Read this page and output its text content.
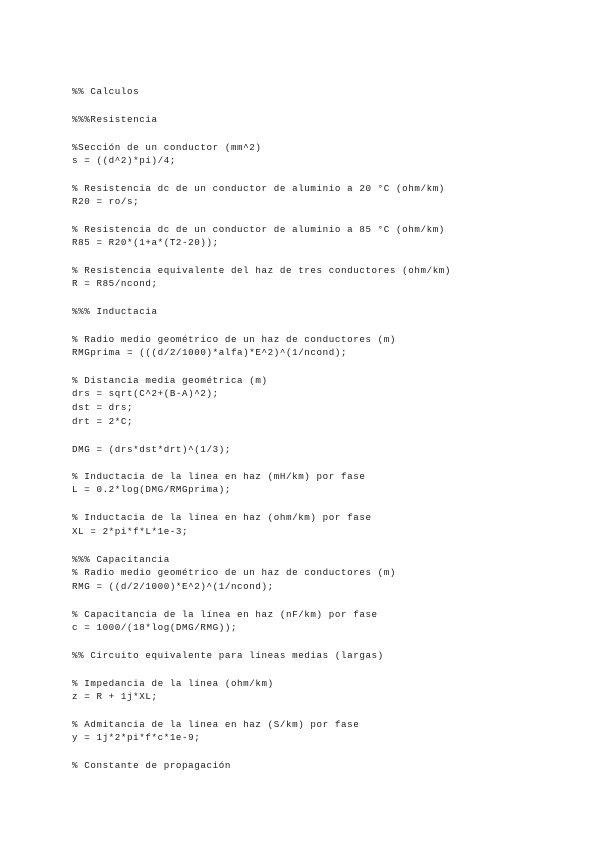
%% Calculos
%%%Resistencia
%Sección de un conductor (mm^2)
s = ((d^2)*pi)/4;
% Resistencia dc de un conductor de aluminio a 20 °C (ohm/km)
R20 = ro/s;
% Resistencia dc de un conductor de aluminio a 85 °C (ohm/km)
R85 = R20*(1+a*(T2-20));
% Resistencia equivalente del haz de tres conductores (ohm/km)
R = R85/ncond;
%%% Inductacia
% Radio medio geométrico de un haz de conductores (m)
RMGprima = (((d/2/1000)*alfa)*E^2)^(1/ncond);
% Distancia media geométrica (m)
drs = sqrt(C^2+(B-A)^2);
dst = drs;
drt = 2*C;
DMG = (drs*dst*drt)^(1/3);
% Inductacia de la línea en haz (mH/km) por fase
L = 0.2*log(DMG/RMGprima);
% Inductacia de la línea en haz (ohm/km) por fase
XL = 2*pi*f*L*1e-3;
%%% Capacitancia
% Radio medio geométrico de un haz de conductores (m)
RMG = ((d/2/1000)*E^2)^(1/ncond);
% Capacitancia de la línea en haz (nF/km) por fase
c = 1000/(18*log(DMG/RMG));
%% Circuito equivalente para líneas medias (largas)
% Impedancia de la línea (ohm/km)
z = R + 1j*XL;
% Admitancia de la línea en haz (S/km) por fase
y = 1j*2*pi*f*c*1e-9;
% Constante de propagación
